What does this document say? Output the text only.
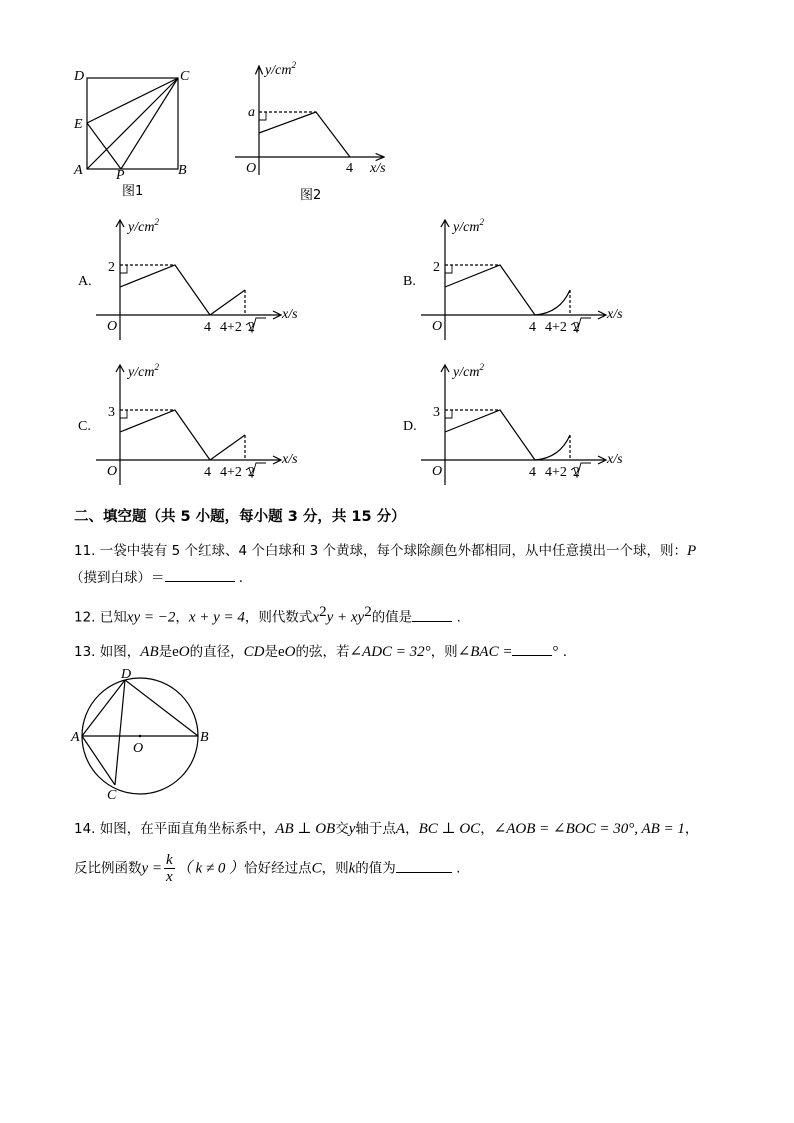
D	C
E
A P	B
图1
$y/cm^2$
a
O	4 x/s
图2
A.
$y/cm^2$
2
O	4 4+2 2
x/s
B.
$y/cm^2$
2
O	4 4+2 2
x/s
C.
$y/cm^2$
3
O	4 4+2 2
x/s
D.
$y/cm^2$
3
O	4 4+2 2
x/s
二、填空题（共 5 小题，每小题 3 分，共 15 分）
11. 一袋中装有 5 个红球、4 个白球和 3 个黄球，每个球除颜色外都相同，从中任意摸出一个球，则：P
（摸到白球）＝	.
12. 已知xy = −2，x + y = 4，则代数式$x^2y + xy^2$的值是	.
13. 如图，AB是eO的直径，CD是eO的弦，若∠ADC = 32°，则∠BAC =	° .
D
A	B
O
C
14. 如图，在平面直角坐标系中，AB ⊥ OB交y轴于点A，BC ⊥ OC，∠AOB = ∠BOC = 30°, AB = 1，
反比例函数$y = \frac{k}{x}$ （ k ≠ 0 ）恰好经过点C，则k的值为	.
